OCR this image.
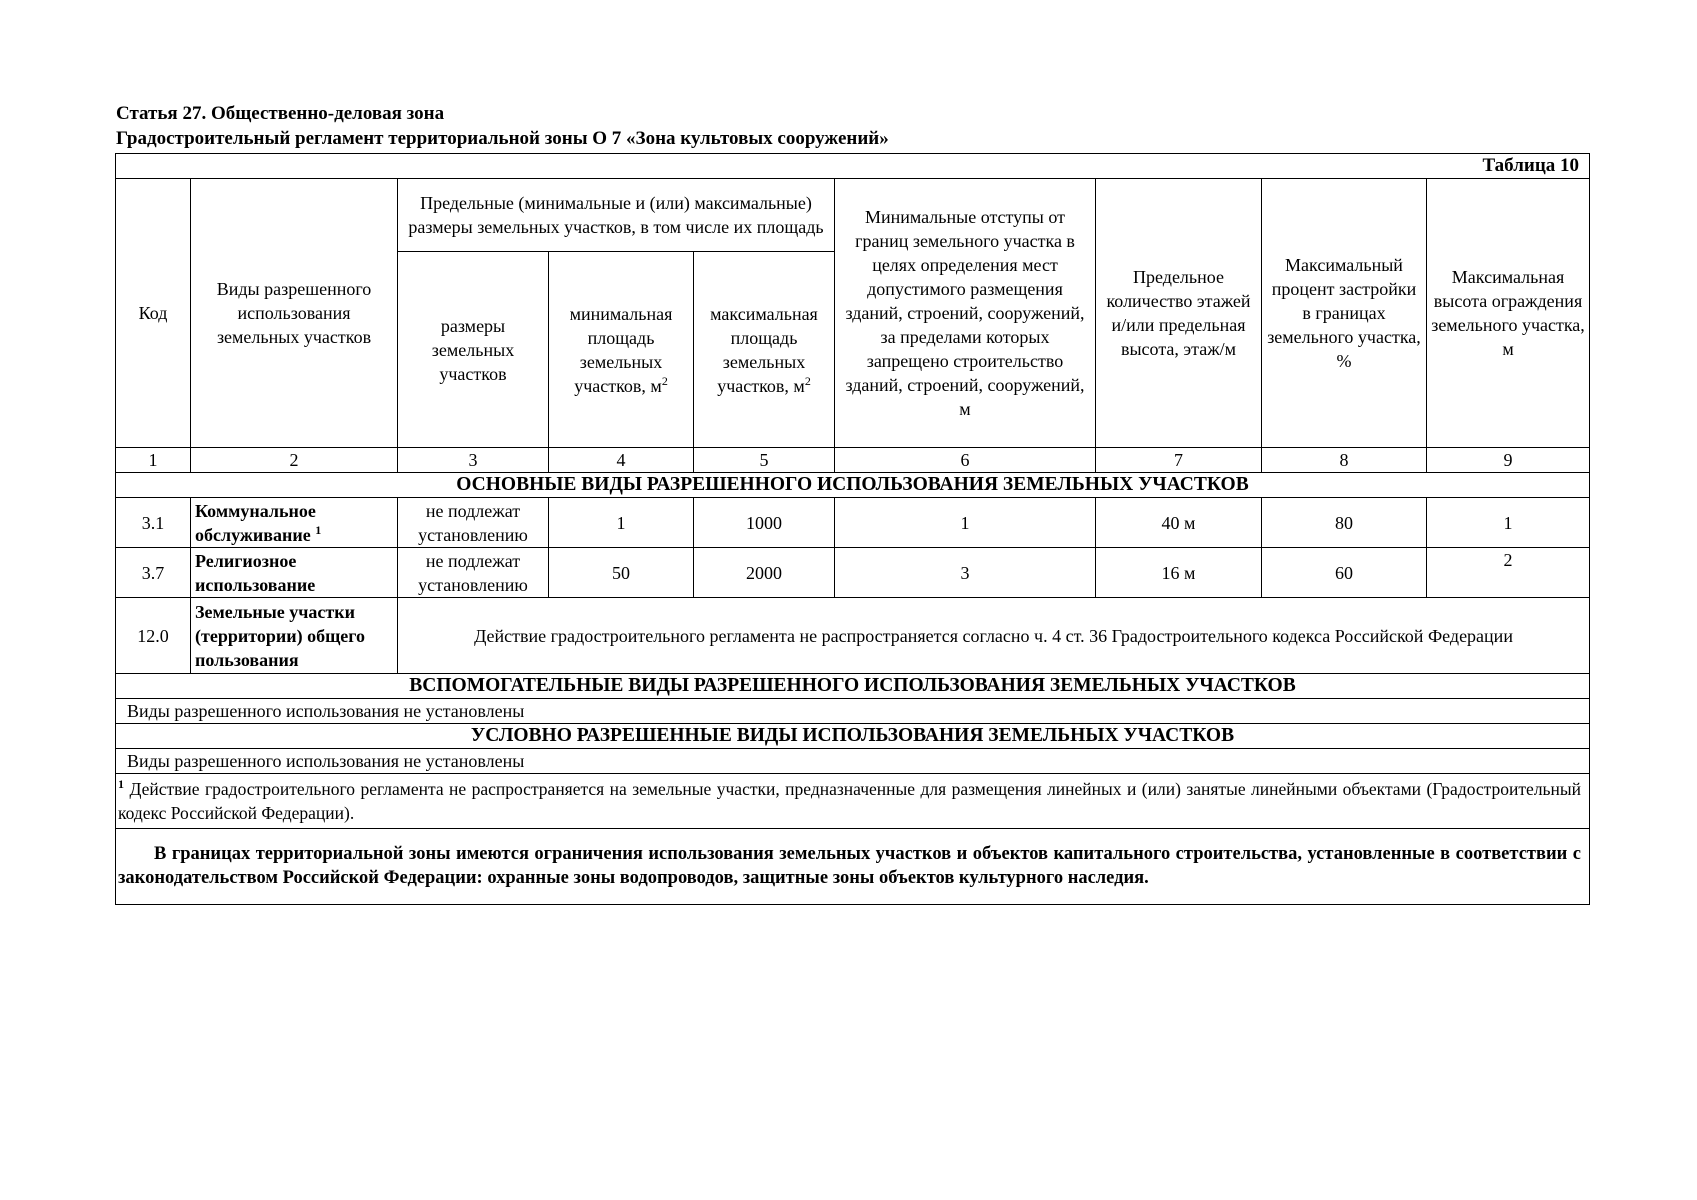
Статья 27. Общественно-деловая зона
Градостроительный регламент территориальной зоны О 7 «Зона культовых сооружений»
Таблица 10								
Код	Виды разрешенного использования земельных участков	Предельные (минимальные и (или) максимальные) размеры земельных участков, в том числе их площадь			Минимальные отступы от границ земельного участка в целях определения мест допустимого размещения зданий, строений, сооружений, за пределами которых запрещено строительство зданий, строений, сооружений, м	Предельное количество этажей и/или предельная высота, этаж/м	Максимальный процент застройки в границах земельного участка, %	Максимальная высота ограждения земельного участка, м
		размеры земельных участков	минимальная площадь земельных участков, $м^2$	максимальная площадь земельных участков, $м^2$
1	2	3	4	5	6	7	8	9
ОСНОВНЫЕ ВИДЫ РАЗРЕШЕННОГО ИСПОЛЬЗОВАНИЯ ЗЕМЕЛЬНЫХ УЧАСТКОВ								
3.1	Коммунальное обслуживание $^1$	не подлежат установлению	1	1000	1	40 м	80	1
3.7	Религиозное использование	не подлежат установлению	50	2000	3	16 м	60	2
12.0	Земельные участки (территории) общего пользования	Действие градостроительного регламента не распространяется согласно ч. 4 ст. 36 Градостроительного кодекса Российской Федерации						
ВСПОМОГАТЕЛЬНЫЕ ВИДЫ РАЗРЕШЕННОГО ИСПОЛЬЗОВАНИЯ ЗЕМЕЛЬНЫХ УЧАСТКОВ								
Виды разрешенного использования не установлены								
УСЛОВНО РАЗРЕШЕННЫЕ ВИДЫ ИСПОЛЬЗОВАНИЯ ЗЕМЕЛЬНЫХ УЧАСТКОВ								
Виды разрешенного использования не установлены								
$^1$ Действие градостроительного регламента не распространяется на земельные участки, предназначенные для размещения линейных и (или) занятые линейными объектами (Градостроительный кодекс Российской Федерации).								
В границах территориальной зоны имеются ограничения использования земельных участков и объектов капитального строительства, установленные в соответствии с законодательством Российской Федерации: охранные зоны водопроводов, защитные зоны объектов культурного наследия.								
